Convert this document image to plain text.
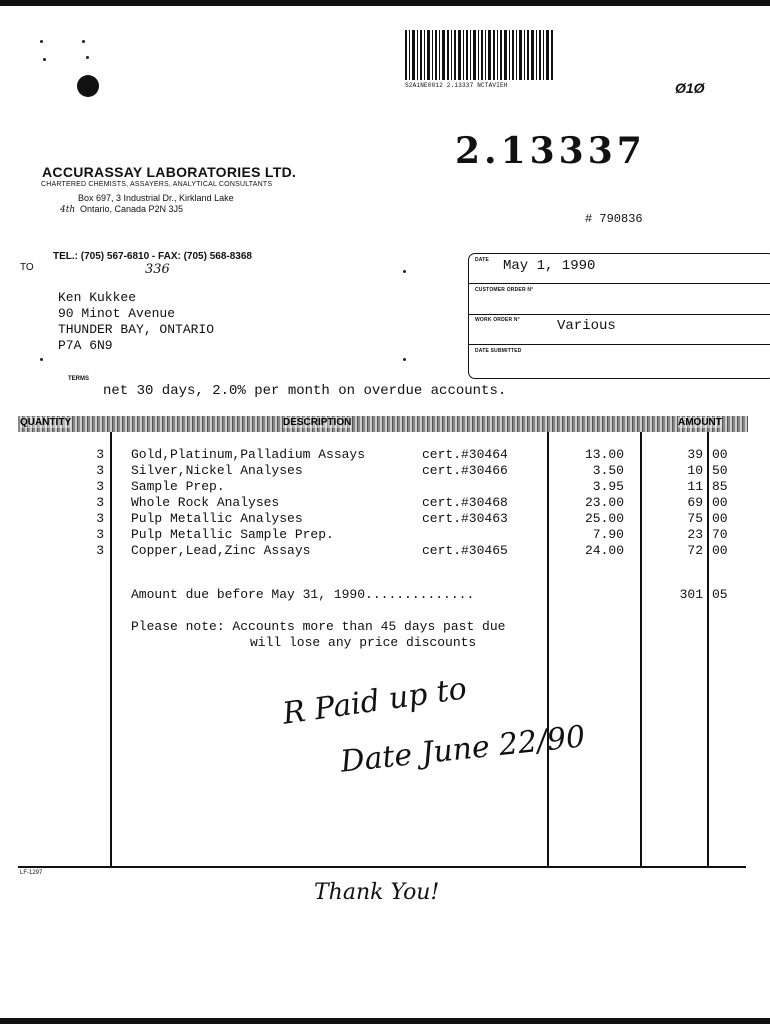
S2A1NE0012 2.13337 NCTAVIEH	Ø1Ø
2.13337
ACCURASSAY LABORATORIES LTD.
CHARTERED CHEMISTS, ASSAYERS, ANALYTICAL CONSULTANTS
Box 697, 3 Industrial Dr., Kirkland Lake
4th Ontario, Canada P2N 3J5
# 790836
TEL.: (705) 567-6810 - FAX: (705) 568-8368
336
TO
Ken Kukkee
90 Minot Avenue
THUNDER BAY, ONTARIO
P7A 6N9
DATE May 1, 1990
CUSTOMER ORDER N°
WORK ORDER N°	Various
DATE SUBMITTED
TERMS
net 30 days, 2.0% per month on overdue accounts.
QUANTITY	DESCRIPTION	AMOUNT
3 Gold,Platinum,Palladium Assays	cert.#30464	13.00	39 00
3 Silver,Nickel Analyses	cert.#30466	3.50	10 50
3 Sample Prep.	3.95	11 85
3 Whole Rock Analyses	cert.#30468	23.00	69 00
3 Pulp Metallic Analyses	cert.#30463	25.00	75 00
3 Pulp Metallic Sample Prep.	7.90	23 70
3 Copper,Lead,Zinc Assays	cert.#30465	24.00	72 00
Amount due before May 31, 1990..............	301 05
Please note: Accounts more than 45 days past due
will lose any price discounts
R Paid up to
Date June 22/90
LF-1297
Thank You!
